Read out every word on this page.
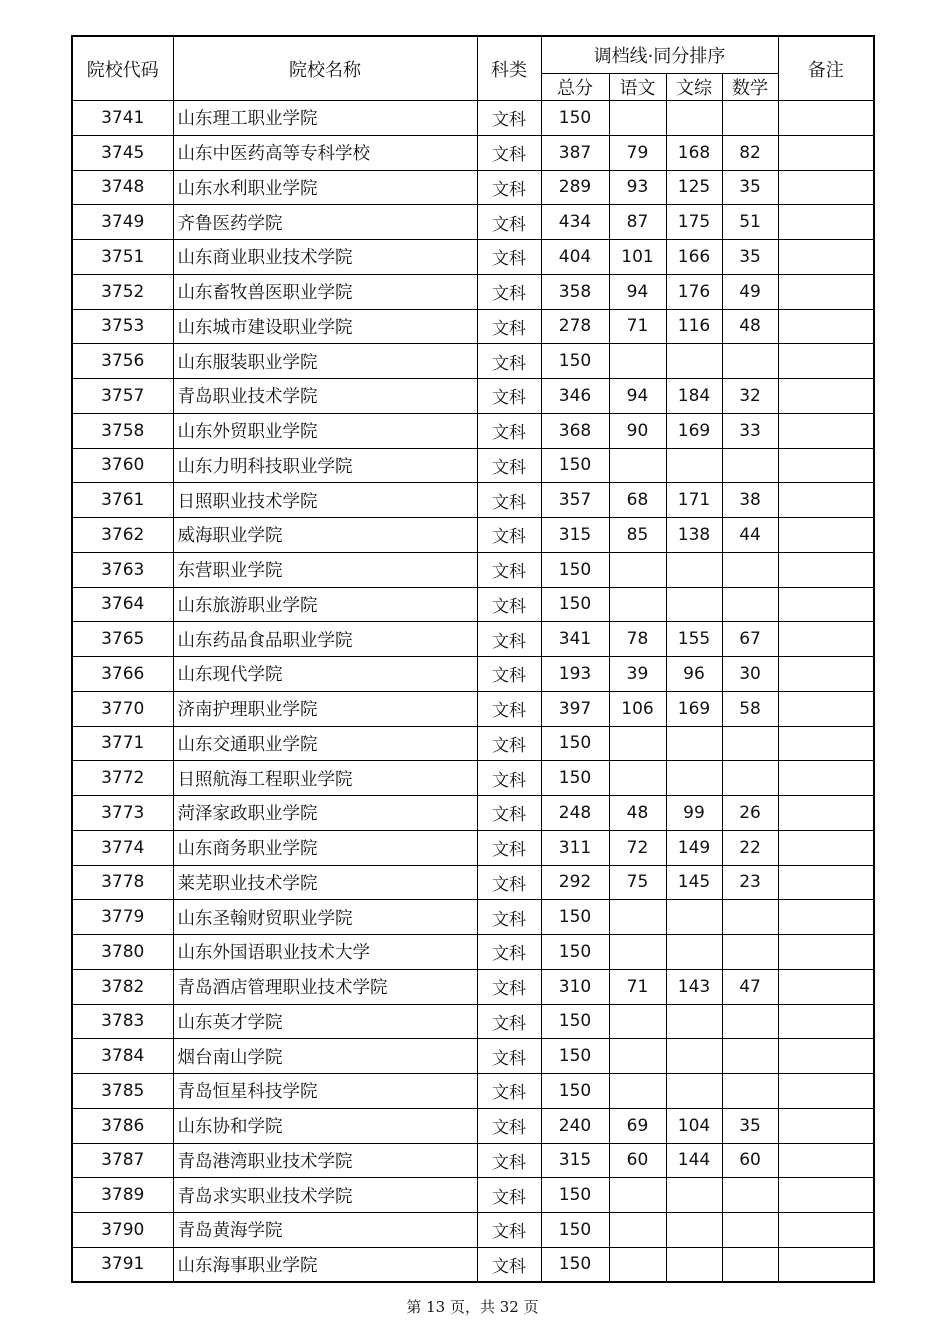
院校代码	院校名称	科类	调档线·同分排序				备注
			总分	语文	文综	数学	
3741	山东理工职业学院	文科	150				
3745	山东中医药高等专科学校	文科	387	79	168	82	
3748	山东水利职业学院	文科	289	93	125	35	
3749	齐鲁医药学院	文科	434	87	175	51	
3751	山东商业职业技术学院	文科	404	101	166	35	
3752	山东畜牧兽医职业学院	文科	358	94	176	49	
3753	山东城市建设职业学院	文科	278	71	116	48	
3756	山东服装职业学院	文科	150				
3757	青岛职业技术学院	文科	346	94	184	32	
3758	山东外贸职业学院	文科	368	90	169	33	
3760	山东力明科技职业学院	文科	150				
3761	日照职业技术学院	文科	357	68	171	38	
3762	威海职业学院	文科	315	85	138	44	
3763	东营职业学院	文科	150				
3764	山东旅游职业学院	文科	150				
3765	山东药品食品职业学院	文科	341	78	155	67	
3766	山东现代学院	文科	193	39	96	30	
3770	济南护理职业学院	文科	397	106	169	58	
3771	山东交通职业学院	文科	150				
3772	日照航海工程职业学院	文科	150				
3773	菏泽家政职业学院	文科	248	48	99	26	
3774	山东商务职业学院	文科	311	72	149	22	
3778	莱芜职业技术学院	文科	292	75	145	23	
3779	山东圣翰财贸职业学院	文科	150				
3780	山东外国语职业技术大学	文科	150				
3782	青岛酒店管理职业技术学院	文科	310	71	143	47	
3783	山东英才学院	文科	150				
3784	烟台南山学院	文科	150				
3785	青岛恒星科技学院	文科	150				
3786	山东协和学院	文科	240	69	104	35	
3787	青岛港湾职业技术学院	文科	315	60	144	60	
3789	青岛求实职业技术学院	文科	150				
3790	青岛黄海学院	文科	150				
3791	山东海事职业学院	文科	150				
第 13 页，共 32 页
